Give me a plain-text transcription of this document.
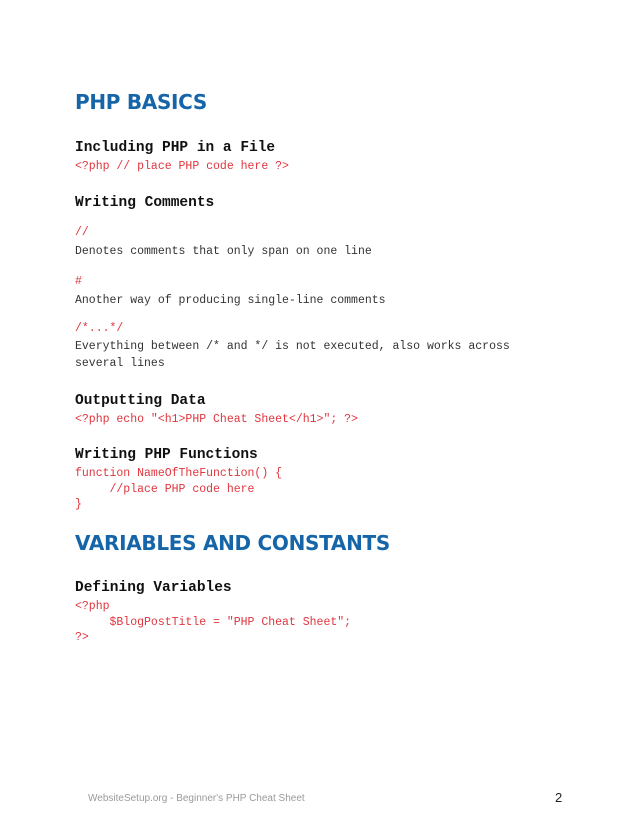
PHP BASICS
Including PHP in a File
<?php // place PHP code here ?>
Writing Comments
//
Denotes comments that only span on one line
#
Another way of producing single-line comments
/*...*/
Everything between /* and */ is not executed, also works across
several lines
Outputting Data
<?php echo "<h1>PHP Cheat Sheet</h1>"; ?>
Writing PHP Functions
function NameOfTheFunction() {
//place PHP code here
}
VARIABLES AND CONSTANTS
Defining Variables
<?php
$BlogPostTitle = "PHP Cheat Sheet";
?>
WebsiteSetup.org - Beginner's PHP Cheat Sheet	2
